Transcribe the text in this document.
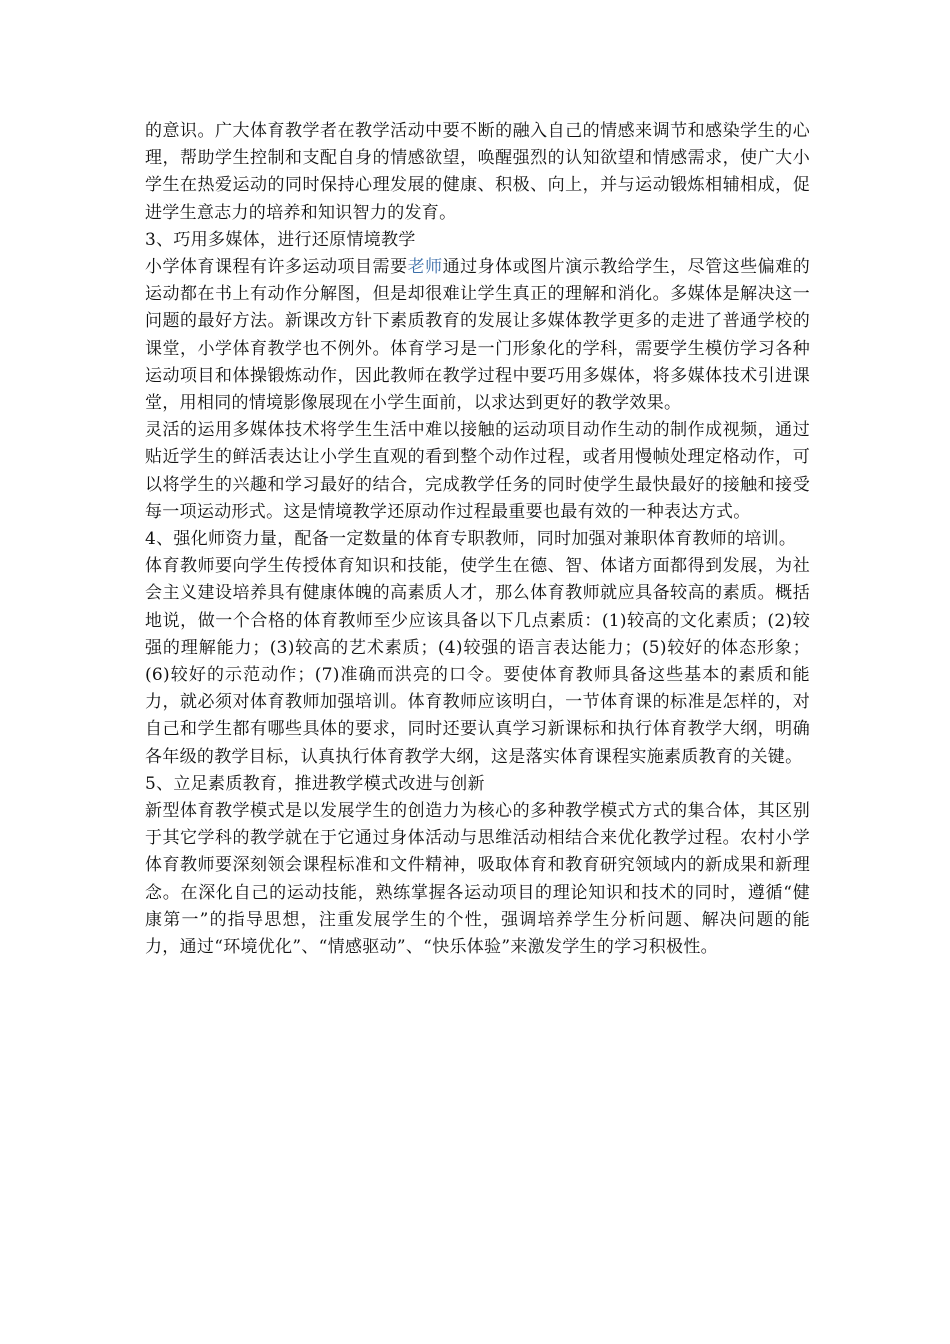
的意识。广大体育教学者在教学活动中要不断的融入自己的情感来调节和感染学生的心理，帮助学生控制和支配自身的情感欲望，唤醒强烈的认知欲望和情感需求，使广大小学生在热爱运动的同时保持心理发展的健康、积极、向上，并与运动锻炼相辅相成，促进学生意志力的培养和知识智力的发育。

3、巧用多媒体，进行还原情境教学

小学体育课程有许多运动项目需要老师通过身体或图片演示教给学生，尽管这些偏难的运动都在书上有动作分解图，但是却很难让学生真正的理解和消化。多媒体是解决这一问题的最好方法。新课改方针下素质教育的发展让多媒体教学更多的走进了普通学校的课堂，小学体育教学也不例外。体育学习是一门形象化的学科，需要学生模仿学习各种运动项目和体操锻炼动作，因此教师在教学过程中要巧用多媒体，将多媒体技术引进课堂，用相同的情境影像展现在小学生面前，以求达到更好的教学效果。

灵活的运用多媒体技术将学生生活中难以接触的运动项目动作生动的制作成视频，通过贴近学生的鲜活表达让小学生直观的看到整个动作过程，或者用慢帧处理定格动作，可以将学生的兴趣和学习最好的结合，完成教学任务的同时使学生最快最好的接触和接受每一项运动形式。这是情境教学还原动作过程最重要也最有效的一种表达方式。

4、强化师资力量，配备一定数量的体育专职教师，同时加强对兼职体育教师的培训。

体育教师要向学生传授体育知识和技能，使学生在德、智、体诸方面都得到发展，为社会主义建设培养具有健康体魄的高素质人才，那么体育教师就应具备较高的素质。概括地说，做一个合格的体育教师至少应该具备以下几点素质：(1)较高的文化素质；(2)较强的理解能力；(3)较高的艺术素质；(4)较强的语言表达能力；(5)较好的体态形象；(6)较好的示范动作；(7)准确而洪亮的口令。要使体育教师具备这些基本的素质和能力，就必须对体育教师加强培训。体育教师应该明白，一节体育课的标准是怎样的，对自己和学生都有哪些具体的要求，同时还要认真学习新课标和执行体育教学大纲，明确各年级的教学目标，认真执行体育教学大纲，这是落实体育课程实施素质教育的关键。

5、立足素质教育，推进教学模式改进与创新

新型体育教学模式是以发展学生的创造力为核心的多种教学模式方式的集合体，其区别于其它学科的教学就在于它通过身体活动与思维活动相结合来优化教学过程。农村小学体育教师要深刻领会课程标准和文件精神，吸取体育和教育研究领域内的新成果和新理念。在深化自己的运动技能，熟练掌握各运动项目的理论知识和技术的同时，遵循“健康第一”的指导思想，注重发展学生的个性，强调培养学生分析问题、解决问题的能力，通过“环境优化”、“情感驱动”、“快乐体验”来激发学生的学习积极性。
